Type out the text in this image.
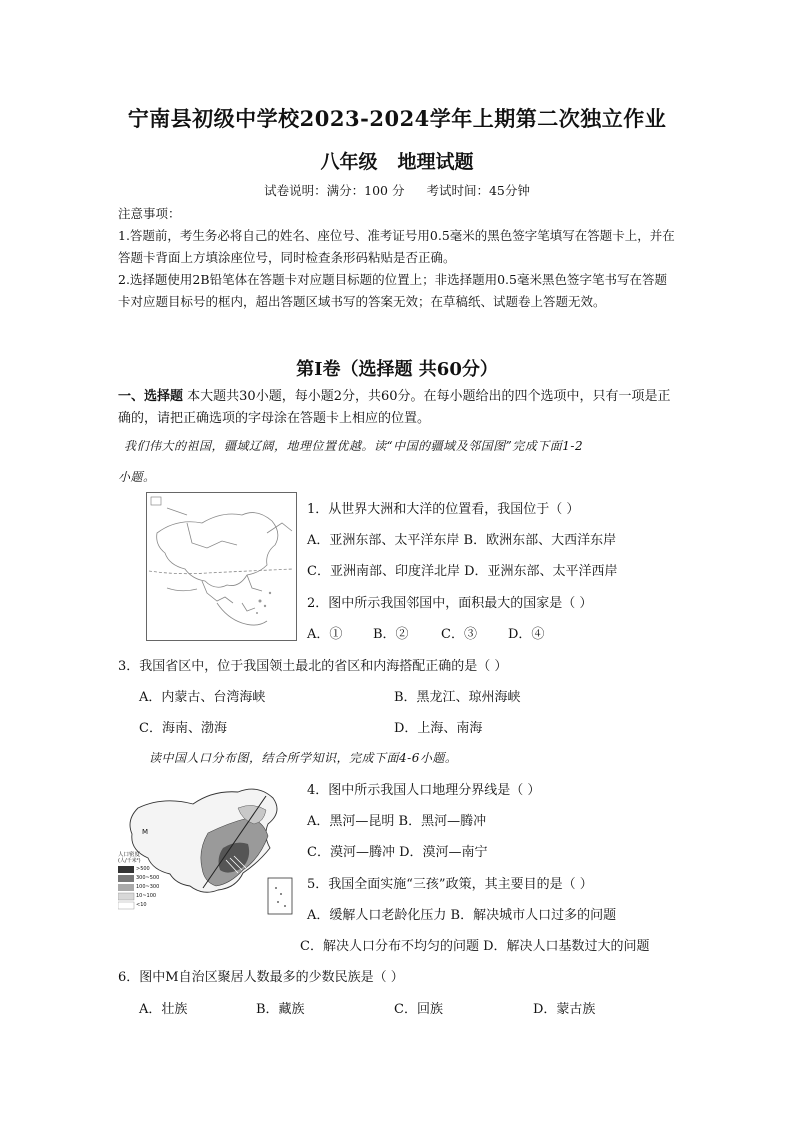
宁南县初级中学校2023-2024学年上期第二次独立作业
八年级 地理试题
试卷说明：满分：100 分 考试时间：45分钟
注意事项：
1.答题前，考生务必将自己的姓名、座位号、准考证号用0.5毫米的黑色签字笔填写在答题卡上，并在答题卡背面上方填涂座位号，同时检查条形码粘贴是否正确。
2.选择题使用2B铅笔体在答题卡对应题目标题的位置上；非选择题用0.5毫米黑色签字笔书写在答题卡对应题目标号的框内，超出答题区域书写的答案无效；在草稿纸、试题卷上答题无效。
第Ⅰ卷（选择题 共60分）
一、选择题 本大题共30小题，每小题2分，共60分。在每小题给出的四个选项中，只有一项是正确的，请把正确选项的字母涂在答题卡上相应的位置。
我们伟大的祖国，疆域辽阔，地理位置优越。读“中国的疆域及邻国图”完成下面1-2
小题。
1．从世界大洲和大洋的位置看，我国位于（ ）
A．亚洲东部、太平洋东岸 B．欧洲东部、大西洋东岸
C．亚洲南部、印度洋北岸 D．亚洲东部、太平洋西岸
2．图中所示我国邻国中，面积最大的国家是（ ）
A．① B．② C．③ D．④
3．我国省区中，位于我国领土最北的省区和内海搭配正确的是（ ）
A．内蒙古、台湾海峡	B．黑龙江、琼州海峡
C．海南、渤海	D．上海、南海
读中国人口分布图，结合所学知识，完成下面4-6小题。
M
人口密度
(人/千米²)
>500
300~500
100~300
10~100
<10
4．图中所示我国人口地理分界线是（ ）
A．黑河—昆明 B．黑河—腾冲
C．漠河—腾冲 D．漠河—南宁
5．我国全面实施“三孩”政策，其主要目的是（ ）
A．缓解人口老龄化压力 B．解决城市人口过多的问题
C．解决人口分布不均匀的问题 D．解决人口基数过大的问题
6．图中M自治区聚居人数最多的少数民族是（ ）
A．壮族	B．藏族	C．回族	D．蒙古族
